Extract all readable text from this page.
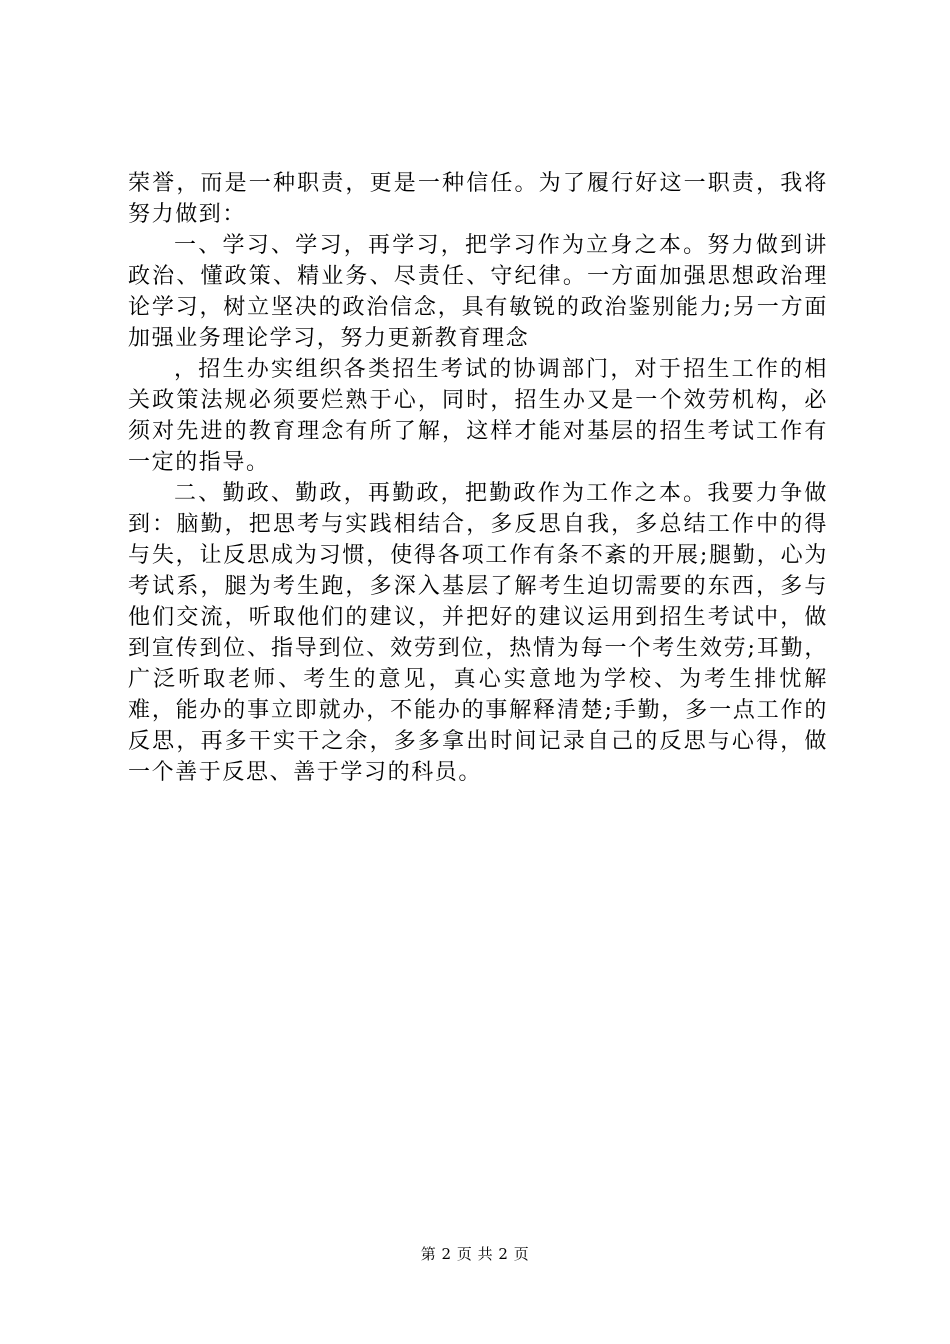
荣誉，而是一种职责，更是一种信任。为了履行好这一职责，我将努力做到：

一、学习、学习，再学习，把学习作为立身之本。努力做到讲政治、懂政策、精业务、尽责任、守纪律。一方面加强思想政治理论学习，树立坚决的政治信念，具有敏锐的政治鉴别能力;另一方面加强业务理论学习，努力更新教育理念

，招生办实组织各类招生考试的协调部门，对于招生工作的相关政策法规必须要烂熟于心，同时，招生办又是一个效劳机构，必须对先进的教育理念有所了解，这样才能对基层的招生考试工作有一定的指导。

二、勤政、勤政，再勤政，把勤政作为工作之本。我要力争做到：脑勤，把思考与实践相结合，多反思自我，多总结工作中的得与失，让反思成为习惯，使得各项工作有条不紊的开展;腿勤，心为考试系，腿为考生跑，多深入基层了解考生迫切需要的东西，多与他们交流，听取他们的建议，并把好的建议运用到招生考试中，做到宣传到位、指导到位、效劳到位，热情为每一个考生效劳;耳勤，广泛听取老师、考生的意见，真心实意地为学校、为考生排忧解难，能办的事立即就办，不能办的事解释清楚;手勤，多一点工作的反思，再多干实干之余，多多拿出时间记录自己的反思与心得，做一个善于反思、善于学习的科员。

第 2 页 共 2 页
